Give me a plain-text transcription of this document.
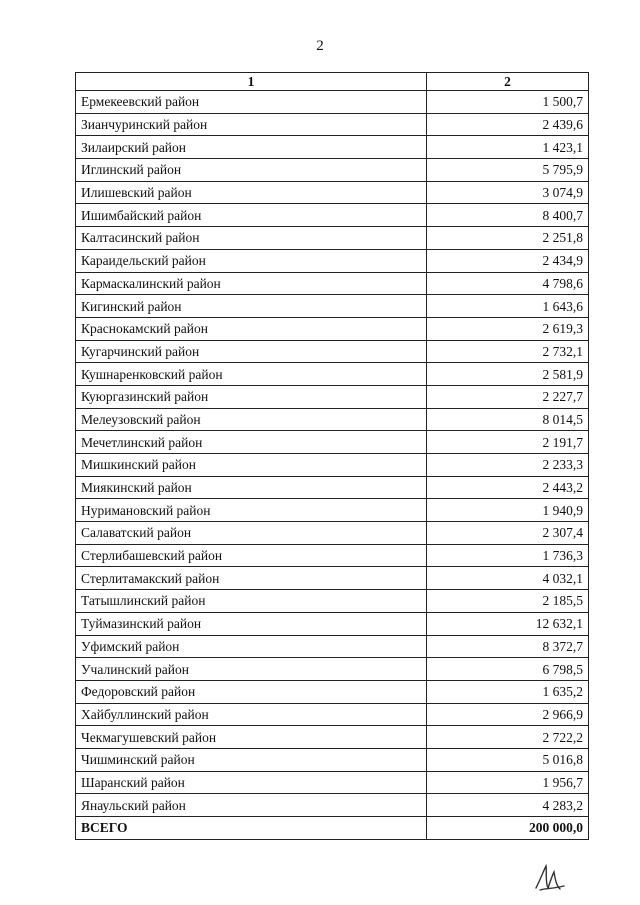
2
1	2
Ермекеевский район	1 500,7
Зианчуринский район	2 439,6
Зилаирский район	1 423,1
Иглинский район	5 795,9
Илишевский район	3 074,9
Ишимбайский район	8 400,7
Калтасинский район	2 251,8
Караидельский район	2 434,9
Кармаскалинский район	4 798,6
Кигинский район	1 643,6
Краснокамский район	2 619,3
Кугарчинский район	2 732,1
Кушнаренковский район	2 581,9
Куюргазинский район	2 227,7
Мелеузовский район	8 014,5
Мечетлинский район	2 191,7
Мишкинский район	2 233,3
Миякинский район	2 443,2
Нуримановский район	1 940,9
Салаватский район	2 307,4
Стерлибашевский район	1 736,3
Стерлитамакский район	4 032,1
Татышлинский район	2 185,5
Туймазинский район	12 632,1
Уфимский район	8 372,7
Учалинский район	6 798,5
Федоровский район	1 635,2
Хайбуллинский район	2 966,9
Чекмагушевский район	2 722,2
Чишминский район	5 016,8
Шаранский район	1 956,7
Янаульский район	4 283,2
ВСЕГО	200 000,0
